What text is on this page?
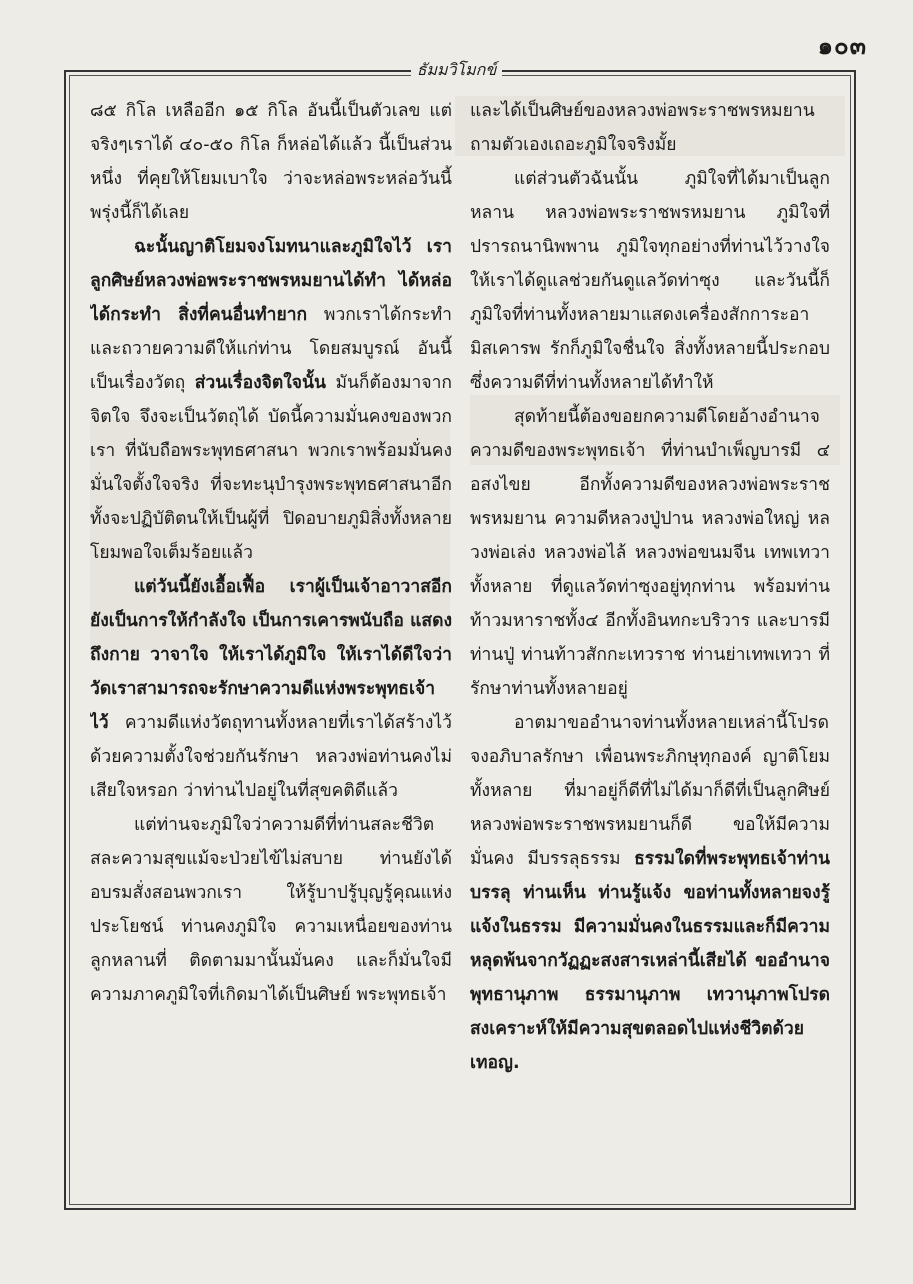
๑๐๓
ธัมมวิโมกข์

๘๕ กิโล เหลืออีก ๑๕ กิโล อันนี้เป็นตัวเลข แต่จริงๆเราได้ ๔๐-๕๐ กิโล ก็หล่อได้แล้ว นี้เป็นส่วนหนึ่ง ที่คุยให้โยมเบาใจ ว่าจะหล่อพระหล่อวันนี้ พรุ่งนี้ก็ได้เลย

ฉะนั้นญาติโยมจงโมทนาและภูมิใจไว้ เราลูกศิษย์หลวงพ่อพระราชพรหมยานได้ทำ ได้หล่อได้กระทำ สิ่งที่คนอื่นทำยาก พวกเราได้กระทำและถวายความดีให้แก่ท่าน โดยสมบูรณ์ อันนี้เป็นเรื่องวัตถุ ส่วนเรื่องจิตใจนั้น มันก็ต้องมาจากจิตใจ จึงจะเป็นวัตถุได้ บัดนี้ความมั่นคงของพวกเรา ที่นับถือพระพุทธศาสนา พวกเราพร้อมมั่นคง มั่นใจตั้งใจจริง ที่จะทะนุบำรุงพระพุทธศาสนาอีกทั้งจะปฏิบัติตนให้เป็นผู้ที่ ปิดอบายภูมิสิ่งทั้งหลายโยมพอใจเต็มร้อยแล้ว

แต่วันนี้ยังเอื้อเฟื้อ เราผู้เป็นเจ้าอาวาสอีกยังเป็นการให้กำลังใจ เป็นการเคารพนับถือ แสดงถึงกาย วาจาใจ ให้เราได้ภูมิใจ ให้เราได้ดีใจว่า วัดเราสามารถจะรักษาความดีแห่งพระพุทธเจ้าไว้ ความดีแห่งวัตถุทานทั้งหลายที่เราได้สร้างไว้ ด้วยความตั้งใจช่วยกันรักษา หลวงพ่อท่านคงไม่เสียใจหรอก ว่าท่านไปอยู่ในที่สุขคติดีแล้ว

แต่ท่านจะภูมิใจว่าความดีที่ท่านสละชีวิต สละความสุขแม้จะป่วยไข้ไม่สบาย ท่านยังได้อบรมสั่งสอนพวกเรา ให้รู้บาปรู้บุญรู้คุณแห่งประโยชน์ ท่านคงภูมิใจ ความเหนื่อยของท่าน ลูกหลานที่ ติดตามมานั้นมั่นคง และก็มั่นใจมีความภาคภูมิใจที่เกิดมาได้เป็นศิษย์ พระพุทธเจ้า

และได้เป็นศิษย์ของหลวงพ่อพระราชพรหมยาน ถามตัวเองเถอะภูมิใจจริงมั้ย

แต่ส่วนตัวฉันนั้น ภูมิใจที่ได้มาเป็นลูกหลาน หลวงพ่อพระราชพรหมยาน ภูมิใจที่ปรารถนานิพพาน ภูมิใจทุกอย่างที่ท่านไว้วางใจให้เราได้ดูแลช่วยกันดูแลวัดท่าซุง และวันนี้ก็ภูมิใจที่ท่านทั้งหลายมาแสดงเครื่องสักการะอามิสเคารพ รักก็ภูมิใจชื่นใจ สิ่งทั้งหลายนี้ประกอบซึ่งความดีที่ท่านทั้งหลายได้ทำให้

สุดท้ายนี้ต้องขอยกความดีโดยอ้างอำนาจ ความดีของพระพุทธเจ้า ที่ท่านบำเพ็ญบารมี ๔ อสงไขย อีกทั้งความดีของหลวงพ่อพระราชพรหมยาน ความดีหลวงปู่ปาน หลวงพ่อใหญ่ หลวงพ่อเล่ง หลวงพ่อไล้ หลวงพ่อขนมจีน เทพเทวาทั้งหลาย ที่ดูแลวัดท่าซุงอยู่ทุกท่าน พร้อมท่านท้าวมหาราชทั้ง๔ อีกทั้งอินทกะบริวาร และบารมีท่านปู่ ท่านท้าวสักกะเทวราช ท่านย่าเทพเทวา ที่รักษาท่านทั้งหลายอยู่

อาตมาขออำนาจท่านทั้งหลายเหล่านี้โปรด จงอภิบาลรักษา เพื่อนพระภิกษุทุกองค์ ญาติโยมทั้งหลาย ที่มาอยู่ก็ดีที่ไม่ได้มาก็ดีที่เป็นลูกศิษย์ หลวงพ่อพระราชพรหมยานก็ดี ขอให้มีความมั่นคง มีบรรลุธรรม ธรรมใดที่พระพุทธเจ้าท่านบรรลุ ท่านเห็น ท่านรู้แจ้ง ขอท่านทั้งหลายจงรู้แจ้งในธรรม มีความมั่นคงในธรรมและก็มีความหลุดพ้นจากวัฏฏะสงสารเหล่านี้เสียได้ ขออำนาจพุทธานุภาพ ธรรมานุภาพ เทวานุภาพโปรดสงเคราะห์ให้มีความสุขตลอดไปแห่งชีวิตด้วยเทอญ.
